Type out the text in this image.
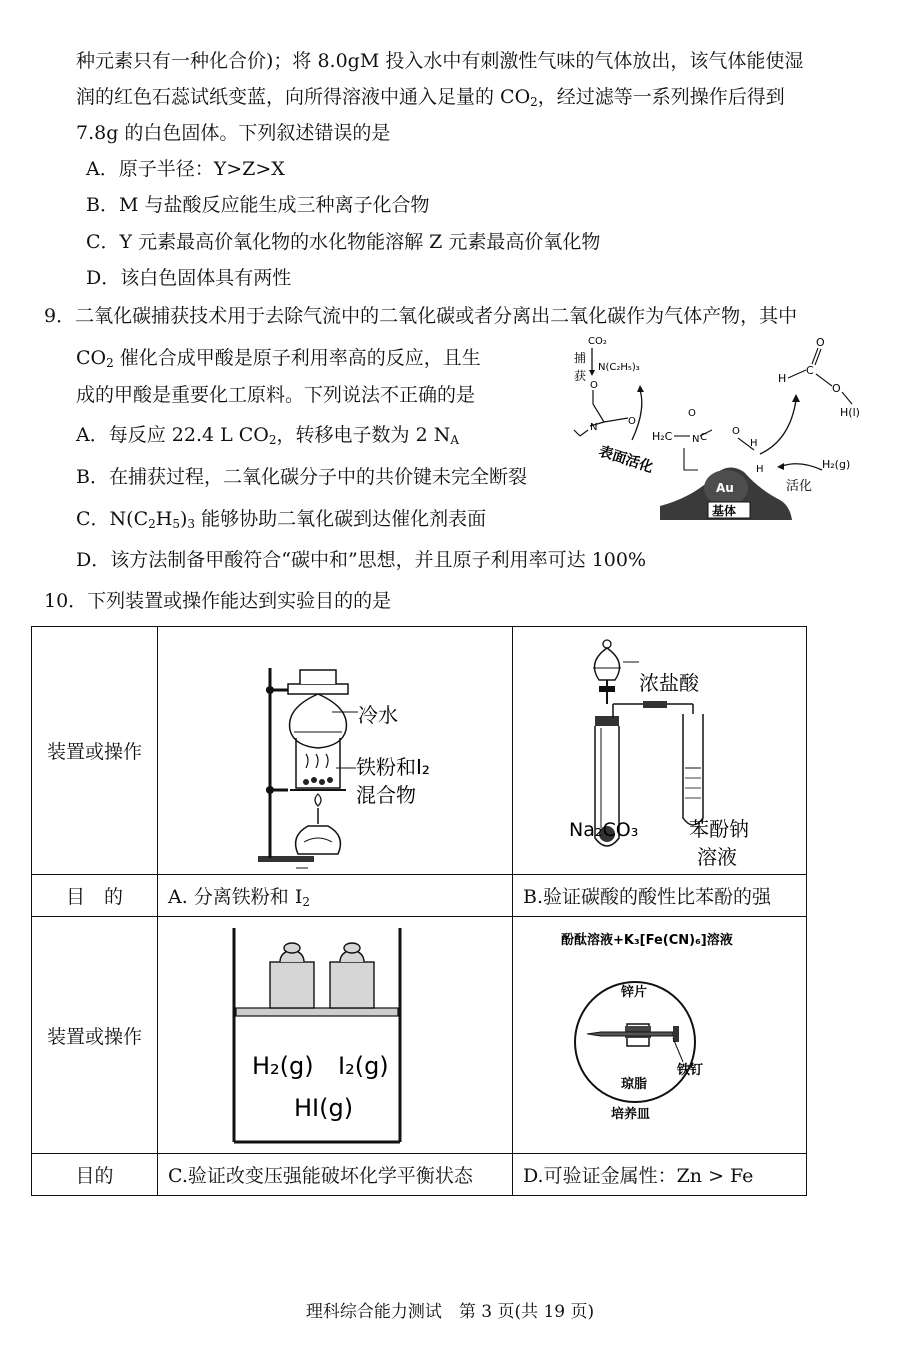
种元素只有一种化合价)；将 8.0gM 投入水中有刺激性气味的气体放出，该气体能使湿
润的红色石蕊试纸变蓝，向所得溶液中通入足量的 $CO_2$，经过滤等一系列操作后得到
7.8g 的白色固体。下列叙述错误的是
A．原子半径：Y>Z>X
B．M 与盐酸反应能生成三种离子化合物
C．Y 元素最高价氧化物的水化物能溶解 Z 元素最高价氧化物
D．该白色固体具有两性
9．二氧化碳捕获技术用于去除气流中的二氧化碳或者分离出二氧化碳作为气体产物，其中
$CO_2$ 催化合成甲酸是原子利用率高的反应，且生
成的甲酸是重要化工原料。下列说法不正确的是
A．每反应 22.4 L $CO_2$，转移电子数为 2 $N_A$
B．在捕获过程，二氧化碳分子中的共价键未完全断裂
C．$N(C_2H_5)_3$ 能够协助二氧化碳到达催化剂表面
D．该方法制备甲酸符合“碳中和”思想，并且原子利用率可达 100%
CO₂
捕
获
N(C₂H₅)₃
O
N
O
表面活化
H₂C N C
O
O
H
H
Au
基体
H₂(g)
活化
H
C
O
O
H(l)
10．下列装置或操作能达到实验目的的是
装置或操作	冷水
铁粉和I₂
混合物	浓盐酸
Na₂CO₃ 苯酚钠
溶液

目　的	A. 分离铁粉和 $I_2$	B.验证碳酸的酸性比苯酚的强
装置或操作	H₂(g) I₂(g)
HI(g)	酚酞溶液+K₃[Fe(CN)₆]溶液
锌片
铁钉
琼脂
培养皿

目的	C.验证改变压强能破坏化学平衡状态	D.可验证金属性：Zn > Fe
理科综合能力测试　第 3 页(共 19 页)
